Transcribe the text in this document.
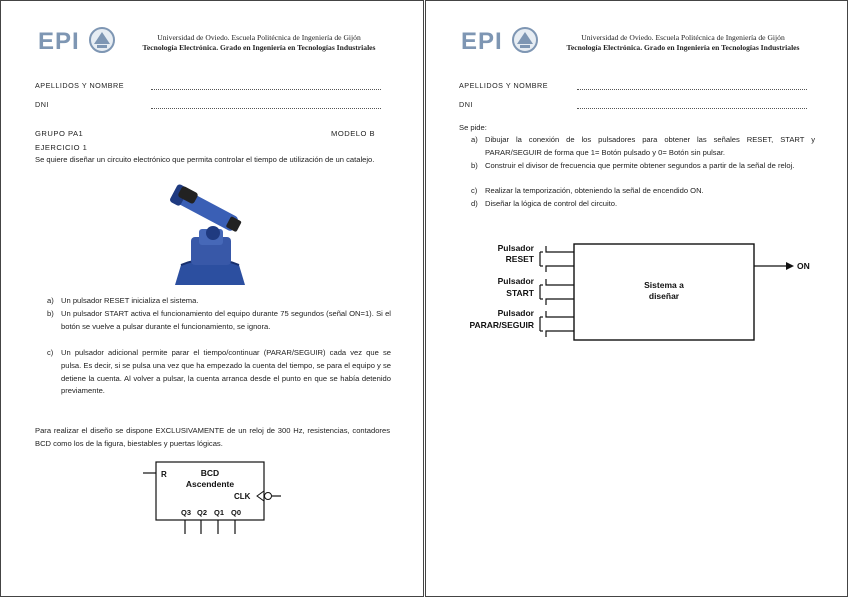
EPI	Universidad de Oviedo. Escuela Politécnica de Ingeniería de Gijón
Tecnología Electrónica. Grado en Ingeniería en Tecnologías Industriales
APELLIDOS Y NOMBRE
DNI
GRUPO PA1	MODELO B
EJERCICIO 1
Se quiere diseñar un circuito electrónico que permita controlar el tiempo de utilización de un catalejo.
a) Un pulsador RESET inicializa el sistema.
b) Un pulsador START activa el funcionamiento del equipo durante 75 segundos (señal ON=1). Si el botón se vuelve a pulsar durante el funcionamiento, se ignora.
c) Un pulsador adicional permite parar el tiempo/continuar (PARAR/SEGUIR) cada vez que se pulsa. Es decir, si se pulsa una vez que ha empezado la cuenta del tiempo, se para el equipo y se detiene la cuenta. Al volver a pulsar, la cuenta arranca desde el punto en que se había detenido previamente.
Para realizar el diseño se dispone EXCLUSIVAMENTE de un reloj de 300 Hz, resistencias, contadores BCD como los de la figura, biestables y puertas lógicas.
R	BCD
Ascendente
CLK
Q3 Q2 Q1 Q0
EPI	Universidad de Oviedo. Escuela Politécnica de Ingeniería de Gijón
Tecnología Electrónica. Grado en Ingeniería en Tecnologías Industriales
APELLIDOS Y NOMBRE
DNI
Se pide:
a) Dibujar la conexión de los pulsadores para obtener las señales RESET, START y PARAR/SEGUIR de forma que 1= Botón pulsado y 0= Botón sin pulsar.
b) Construir el divisor de frecuencia que permite obtener segundos a partir de la señal de reloj.
c) Realizar la temporización, obteniendo la señal de encendido ON.
d) Diseñar la lógica de control del circuito.
Sistema a
diseñar
Pulsador
RESET
Pulsador
START
Pulsador
PARAR/SEGUIR
ON
